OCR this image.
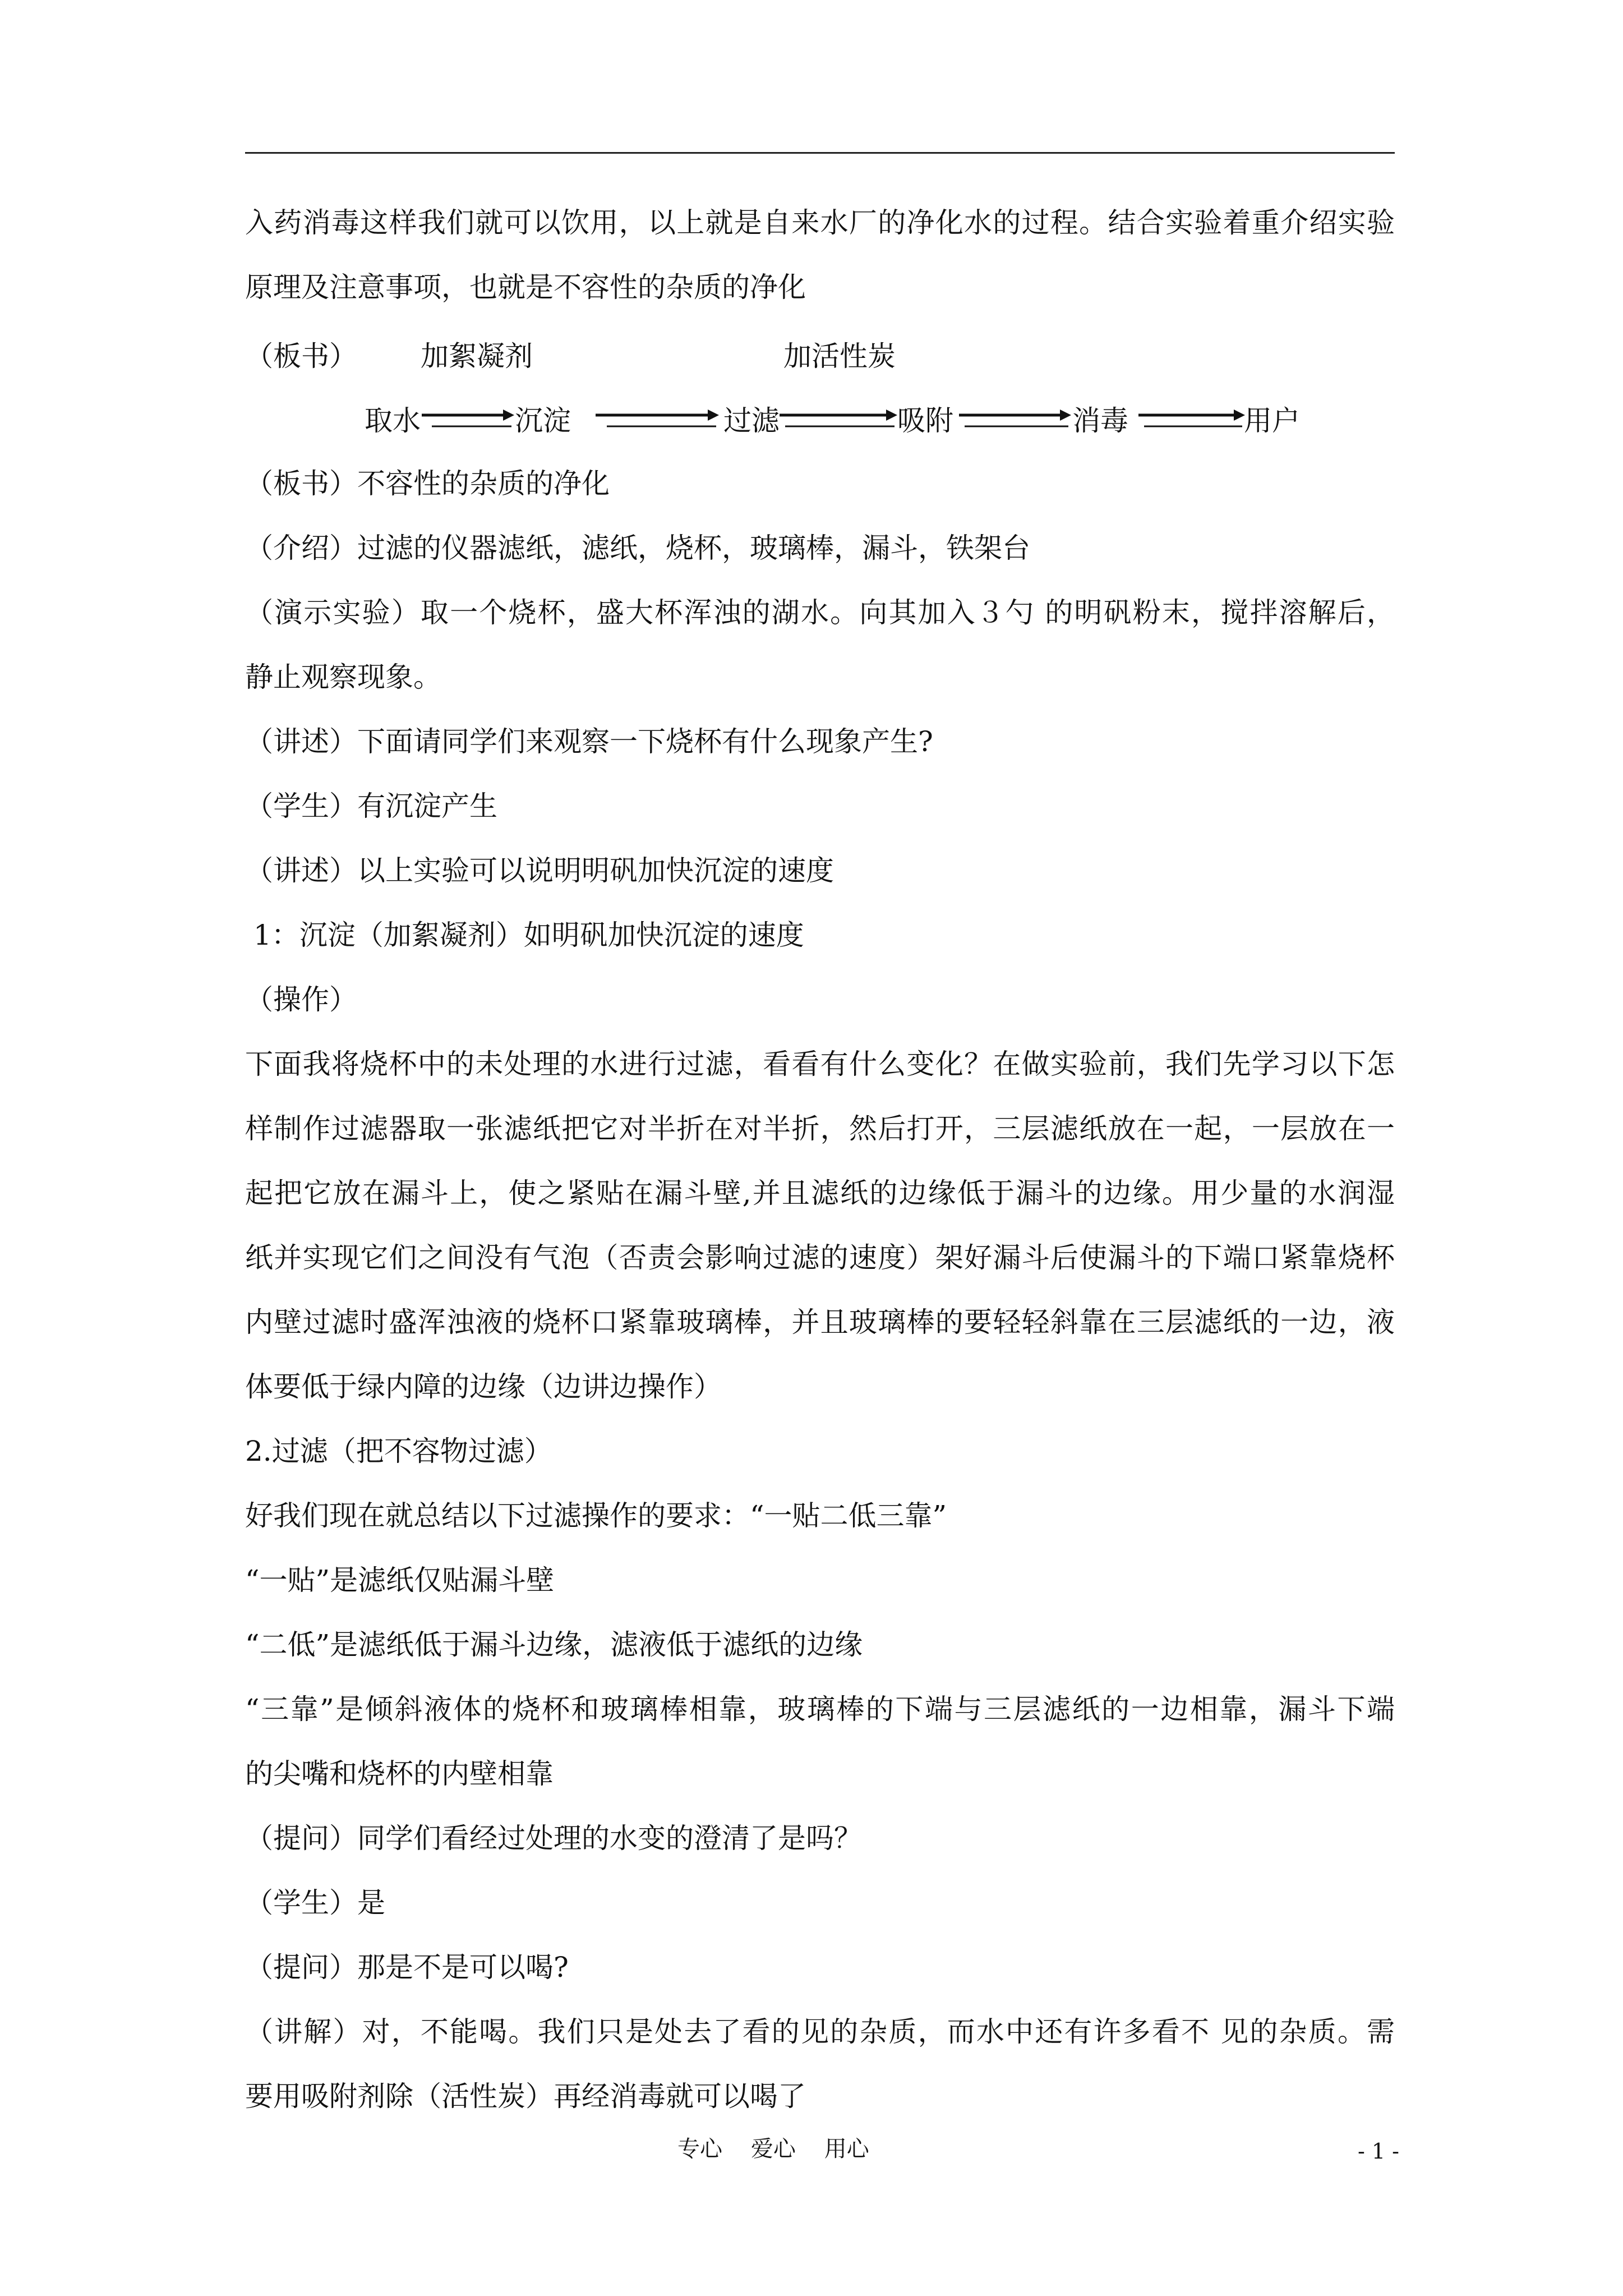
入药消毒这样我们就可以饮用，以上就是自来水厂的净化水的过程。结合实验着重介绍实验
原理及注意事项，也就是不容性的杂质的净化
（板书） 加絮凝剂	加活性炭
取水	沉淀	过滤	吸附	消毒	用户
（板书）不容性的杂质的净化
（介绍）过滤的仪器滤纸，滤纸，烧杯，玻璃棒，漏斗，铁架台
（演示实验）取一个烧杯，盛大杯浑浊的湖水。向其加入３勺 的明矾粉末，搅拌溶解后，
静止观察现象。
（讲述）下面请同学们来观察一下烧杯有什么现象产生?
（学生）有沉淀产生
（讲述）以上实验可以说明明矾加快沉淀的速度
1：沉淀（加絮凝剂）如明矾加快沉淀的速度
（操作）
下面我将烧杯中的未处理的水进行过滤，看看有什么变化？在做实验前，我们先学习以下怎
样制作过滤器取一张滤纸把它对半折在对半折，然后打开，三层滤纸放在一起，一层放在一
起把它放在漏斗上，使之紧贴在漏斗壁,并且滤纸的边缘低于漏斗的边缘。用少量的水润湿
纸并实现它们之间没有气泡（否责会影响过滤的速度）架好漏斗后使漏斗的下端口紧靠烧杯
内壁过滤时盛浑浊液的烧杯口紧靠玻璃棒，并且玻璃棒的要轻轻斜靠在三层滤纸的一边，液
体要低于绿内障的边缘（边讲边操作）
2.过滤（把不容物过滤）
好我们现在就总结以下过滤操作的要求：“一贴二低三靠”
“一贴”是滤纸仅贴漏斗壁
“二低”是滤纸低于漏斗边缘，滤液低于滤纸的边缘
“三靠”是倾斜液体的烧杯和玻璃棒相靠，玻璃棒的下端与三层滤纸的一边相靠，漏斗下端
的尖嘴和烧杯的内壁相靠
（提问）同学们看经过处理的水变的澄清了是吗？
（学生）是
（提问）那是不是可以喝?
（讲解）对，不能喝。我们只是处去了看的见的杂质，而水中还有许多看不 见的杂质。需
要用吸附剂除（活性炭）再经消毒就可以喝了
专心    爱心    用心	- 1 -
